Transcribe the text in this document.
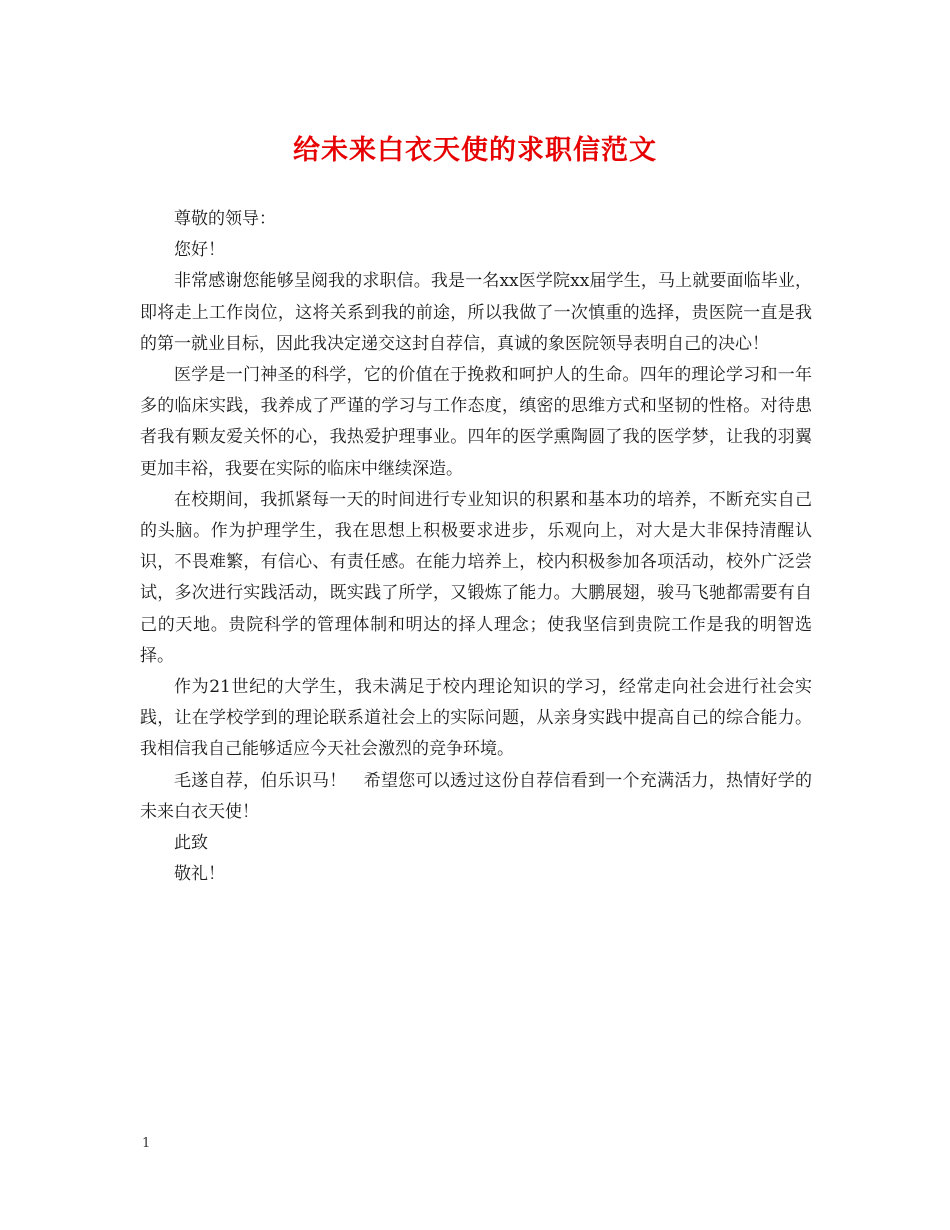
给未来白衣天使的求职信范文

尊敬的领导：

您好！

非常感谢您能够呈阅我的求职信。我是一名xx医学院xx届学生，马上就要面临毕业，即将走上工作岗位，这将关系到我的前途，所以我做了一次慎重的选择，贵医院一直是我的第一就业目标，因此我决定递交这封自荐信，真诚的象医院领导表明自己的决心！

医学是一门神圣的科学，它的价值在于挽救和呵护人的生命。四年的理论学习和一年多的临床实践，我养成了严谨的学习与工作态度，缜密的思维方式和坚韧的性格。对待患者我有颗友爱关怀的心，我热爱护理事业。四年的医学熏陶圆了我的医学梦，让我的羽翼更加丰裕，我要在实际的临床中继续深造。

在校期间，我抓紧每一天的时间进行专业知识的积累和基本功的培养，不断充实自己的头脑。作为护理学生，我在思想上积极要求进步，乐观向上，对大是大非保持清醒认识，不畏难繁，有信心、有责任感。在能力培养上，校内积极参加各项活动，校外广泛尝试，多次进行实践活动，既实践了所学，又锻炼了能力。大鹏展翅，骏马飞驰都需要有自己的天地。贵院科学的管理体制和明达的择人理念；使我坚信到贵院工作是我的明智选择。

作为21世纪的大学生，我未满足于校内理论知识的学习，经常走向社会进行社会实践，让在学校学到的理论联系道社会上的实际问题，从亲身实践中提高自己的综合能力。我相信我自己能够适应今天社会激烈的竞争环境。

毛遂自荐，伯乐识马！　希望您可以透过这份自荐信看到一个充满活力，热情好学的未来白衣天使！

此致

敬礼！

1
